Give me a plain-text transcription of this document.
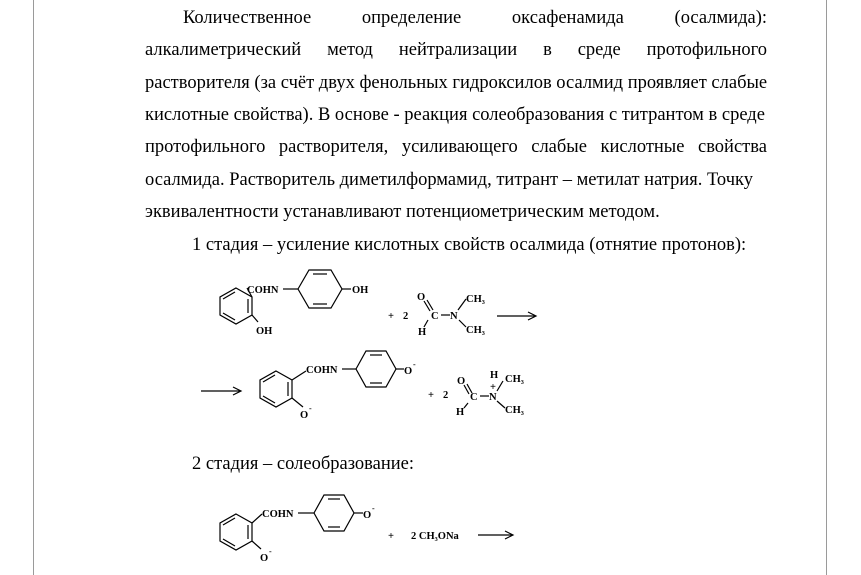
Количественное	определение	оксафенамида	(осалмида):
алкалиметрический метод нейтрализации в среде протофильного
растворителя (за счёт двух фенольных гидроксилов осалмид проявляет слабые
кислотные свойства). В основе - реакция солеобразования с титрантом в среде
протофильного растворителя, усиливающего слабые кислотные свойства
осалмида. Растворитель диметилформамид, титрант – метилат натрия. Точку
эквивалентности устанавливают потенциометрическим методом.
1 стадия – усиление кислотных свойств осалмида (отнятие протонов):
2 стадия – солеобразование:
COHN	OH
OH
+ 2
O
C
H
N
CH₃
CH₃
COHN	O
-
O
-
+ 2
O
C
H
N
H
+
CH₃
CH₃
COHN	O
-
O
-
+ 2 CH₃ONa
